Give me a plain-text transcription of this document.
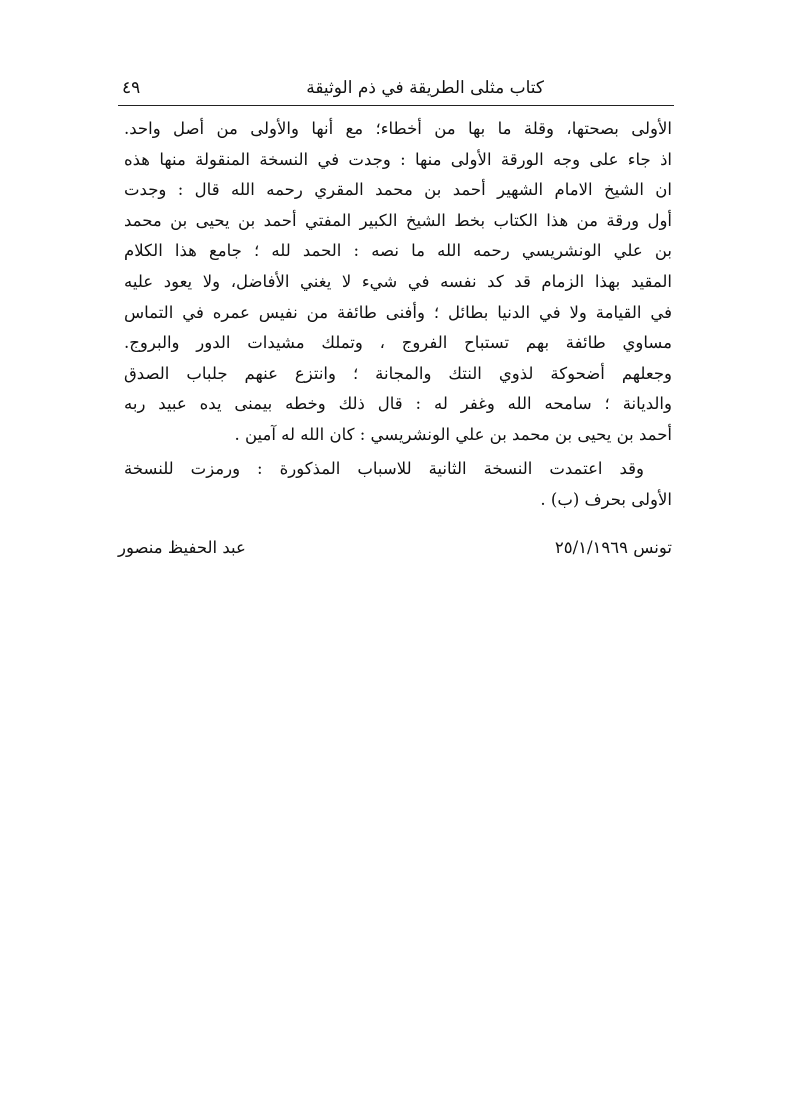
كتاب مثلى الطريقة في ذم الوثيقة
٤٩
الأولى بصحتها، وقلة ما بها من أخطاء؛ مع أنها والأولى من أصل واحد.
اذ جاء على وجه الورقة الأولى منها : وجدت في النسخة المنقولة منها هذه
ان الشيخ الامام الشهير أحمد بن محمد المقري رحمه الله قال : وجدت
أول ورقة من هذا الكتاب بخط الشيخ الكبير المفتي أحمد بن يحيى بن محمد
بن علي الونشريسي رحمه الله ما نصه : الحمد لله ؛ جامع هذا الكلام
المقيد بهذا الزمام قد كد نفسه في شيء لا يغني الأفاضل، ولا يعود عليه
في القيامة ولا في الدنيا بطائل ؛ وأفنى طائفة من نفيس عمره في التماس
مساوي طائفة بهم تستباح الفروج ، وتملك مشيدات الدور والبروج.
وجعلهم أضحوكة لذوي النتك والمجانة ؛ وانتزع عنهم جلباب الصدق
والديانة ؛ سامحه الله وغفر له : قال ذلك وخطه بيمنى يده عبيد ربه
أحمد بن يحيى بن محمد بن علي الونشريسي : كان الله له آمين .
وقد اعتمدت النسخة الثانية للاسباب المذكورة : ورمزت للنسخة
الأولى بحرف (ب) .
تونس ٢٥/١/١٩٦٩
عبد الحفيظ منصور
